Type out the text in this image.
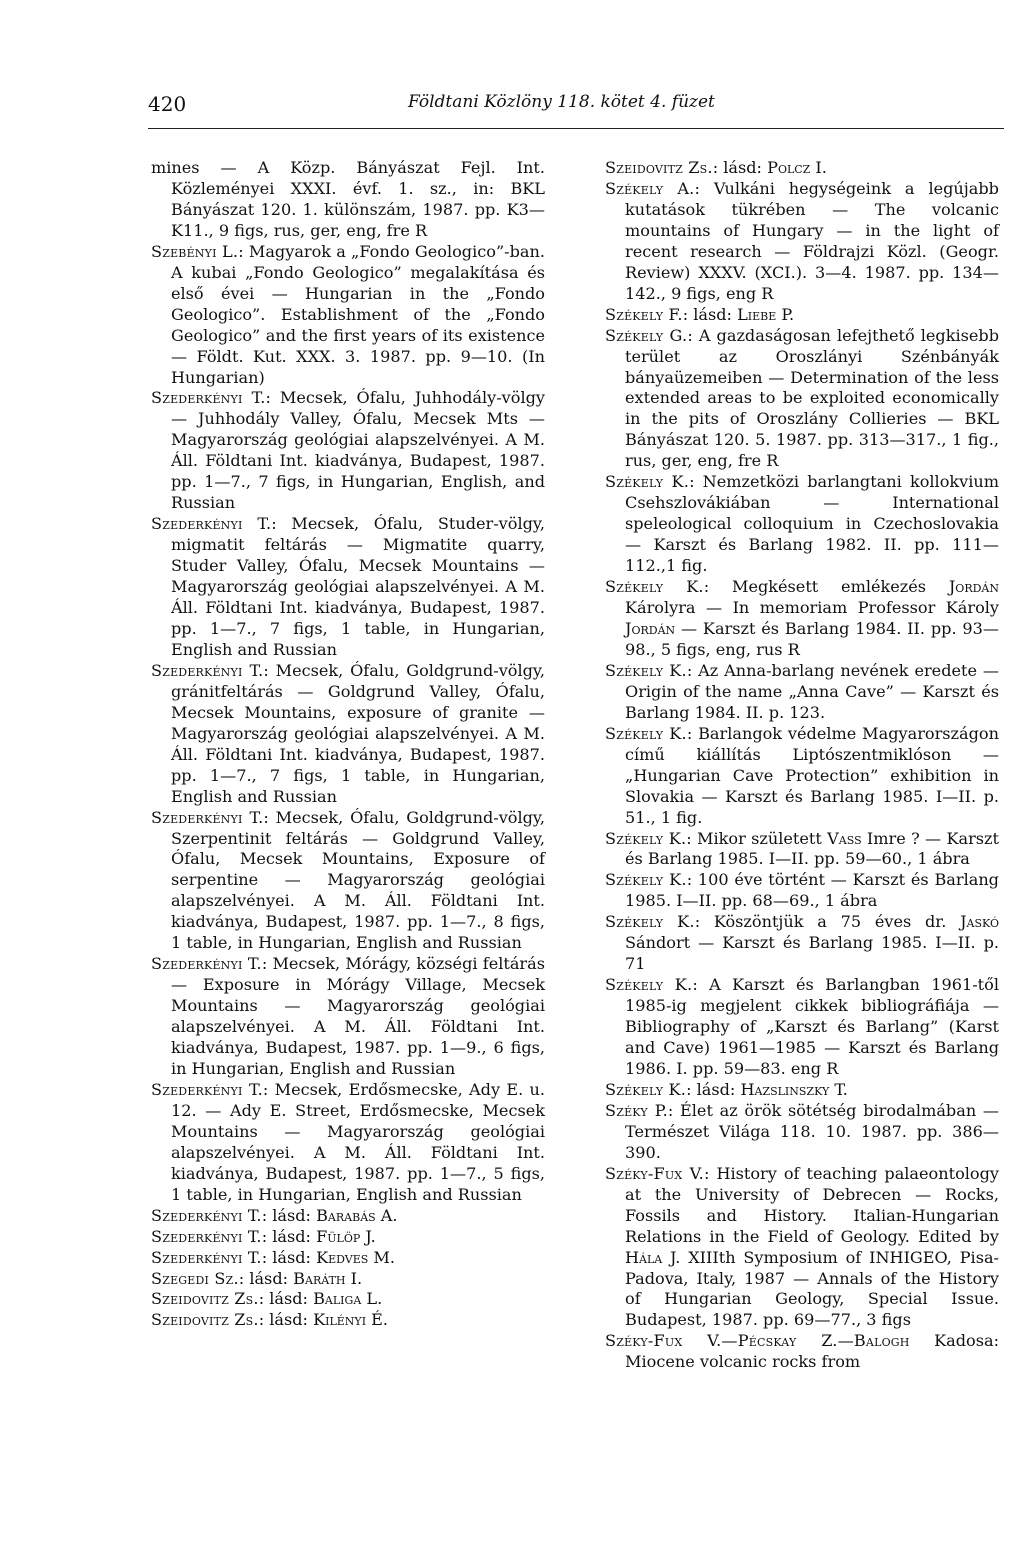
420	Földtani Közlöny 118. kötet 4. füzet

mines — A Közp. Bányászat Fejl. Int. Közleményei XXXI. évf. 1. sz., in: BKL Bányászat 120. 1. különszám, 1987. pp. K3—K11., 9 figs, rus, ger, eng, fre R

Szebényi L.: Magyarok a „Fondo Geologico”-ban. A kubai „Fondo Geologico” megalakítása és első évei — Hungarian in the „Fondo Geologico”. Establishment of the „Fondo Geologico” and the first years of its existence — Földt. Kut. XXX. 3. 1987. pp. 9—10. (In Hungarian)

Szederkényi T.: Mecsek, Ófalu, Juhhodály-völgy — Juhhodály Valley, Ófalu, Mecsek Mts — Magyarország geológiai alapszelvényei. A M. Áll. Földtani Int. kiadványa, Budapest, 1987. pp. 1—7., 7 figs, in Hungarian, English, and Russian

Szederkényi T.: Mecsek, Ófalu, Studer-völgy, migmatit feltárás — Migmatite quarry, Studer Valley, Ófalu, Mecsek Mountains — Magyarország geológiai alapszelvényei. A M. Áll. Földtani Int. kiadványa, Budapest, 1987. pp. 1—7., 7 figs, 1 table, in Hungarian, English and Russian

Szederkényi T.: Mecsek, Ófalu, Goldgrund-völgy, gránitfeltárás — Goldgrund Valley, Ófalu, Mecsek Mountains, exposure of granite — Magyarország geológiai alapszelvényei. A M. Áll. Földtani Int. kiadványa, Budapest, 1987. pp. 1—7., 7 figs, 1 table, in Hungarian, English and Russian

Szederkényi T.: Mecsek, Ófalu, Goldgrund-völgy, Szerpentinit feltárás — Goldgrund Valley, Ófalu, Mecsek Mountains, Exposure of serpentine — Magyarország geológiai alapszelvényei. A M. Áll. Földtani Int. kiadványa, Budapest, 1987. pp. 1—7., 8 figs, 1 table, in Hungarian, English and Russian

Szederkényi T.: Mecsek, Mórágy, községi feltárás — Exposure in Mórágy Village, Mecsek Mountains — Magyarország geológiai alapszelvényei. A M. Áll. Földtani Int. kiadványa, Budapest, 1987. pp. 1—9., 6 figs, in Hungarian, English and Russian

Szederkényi T.: Mecsek, Erdősmecske, Ady E. u. 12. — Ady E. Street, Erdősmecske, Mecsek Mountains — Magyarország geológiai alapszelvényei. A M. Áll. Földtani Int. kiadványa, Budapest, 1987. pp. 1—7., 5 figs, 1 table, in Hungarian, English and Russian

Szederkényi T.: lásd: Barabás A.

Szederkényi T.: lásd: Fülöp J.

Szederkényi T.: lásd: Kedves M.

Szegedi Sz.: lásd: Baráth I.

Szeidovitz Zs.: lásd: Baliga L.

Szeidovitz Zs.: lásd: Kilényi É.

Szeidovitz Zs.: lásd: Polcz I.

Székely A.: Vulkáni hegységeink a legújabb kutatások tükrében — The volcanic mountains of Hungary — in the light of recent research — Földrajzi Közl. (Geogr. Review) XXXV. (XCI.). 3—4. 1987. pp. 134—142., 9 figs, eng R

Székely F.: lásd: Liebe P.

Székely G.: A gazdaságosan lefejthető legkisebb terület az Oroszlányi Szénbányák bányaüzemeiben — Determination of the less extended areas to be exploited economically in the pits of Oroszlány Collieries — BKL Bányászat 120. 5. 1987. pp. 313—317., 1 fig., rus, ger, eng, fre R

Székely K.: Nemzetközi barlangtani kollokvium Csehszlovákiában — International speleological colloquium in Czechoslovakia — Karszt és Barlang 1982. II. pp. 111—112.,1 fig.

Székely K.: Megkésett emlékezés Jordán Károlyra — In memoriam Professor Károly Jordán — Karszt és Barlang 1984. II. pp. 93—98., 5 figs, eng, rus R

Székely K.: Az Anna-barlang nevének eredete — Origin of the name „Anna Cave” — Karszt és Barlang 1984. II. p. 123.

Székely K.: Barlangok védelme Magyarországon című kiállítás Liptószentmiklóson — „Hungarian Cave Protection” exhibition in Slovakia — Karszt és Barlang 1985. I—II. p. 51., 1 fig.

Székely K.: Mikor született Vass Imre ? — Karszt és Barlang 1985. I—II. pp. 59—60., 1 ábra

Székely K.: 100 éve történt — Karszt és Barlang 1985. I—II. pp. 68—69., 1 ábra

Székely K.: Köszöntjük a 75 éves dr. Jaskó Sándort — Karszt és Barlang 1985. I—II. p. 71

Székely K.: A Karszt és Barlangban 1961-től 1985-ig megjelent cikkek bibliográfiája — Bibliography of „Karszt és Barlang” (Karst and Cave) 1961—1985 — Karszt és Barlang 1986. I. pp. 59—83. eng R

Székely K.: lásd: Hazslinszky T.

Széky P.: Élet az örök sötétség birodalmában — Természet Világa 118. 10. 1987. pp. 386—390.

Széky-Fux V.: History of teaching palaeontology at the University of Debrecen — Rocks, Fossils and History. Italian-Hungarian Relations in the Field of Geology. Edited by Hála J. XIIIth Symposium of INHIGEO, Pisa-Padova, Italy, 1987 — Annals of the History of Hungarian Geology, Special Issue. Budapest, 1987. pp. 69—77., 3 figs

Széky-Fux V.—Pécskay Z.—Balogh Kadosa: Miocene volcanic rocks from
